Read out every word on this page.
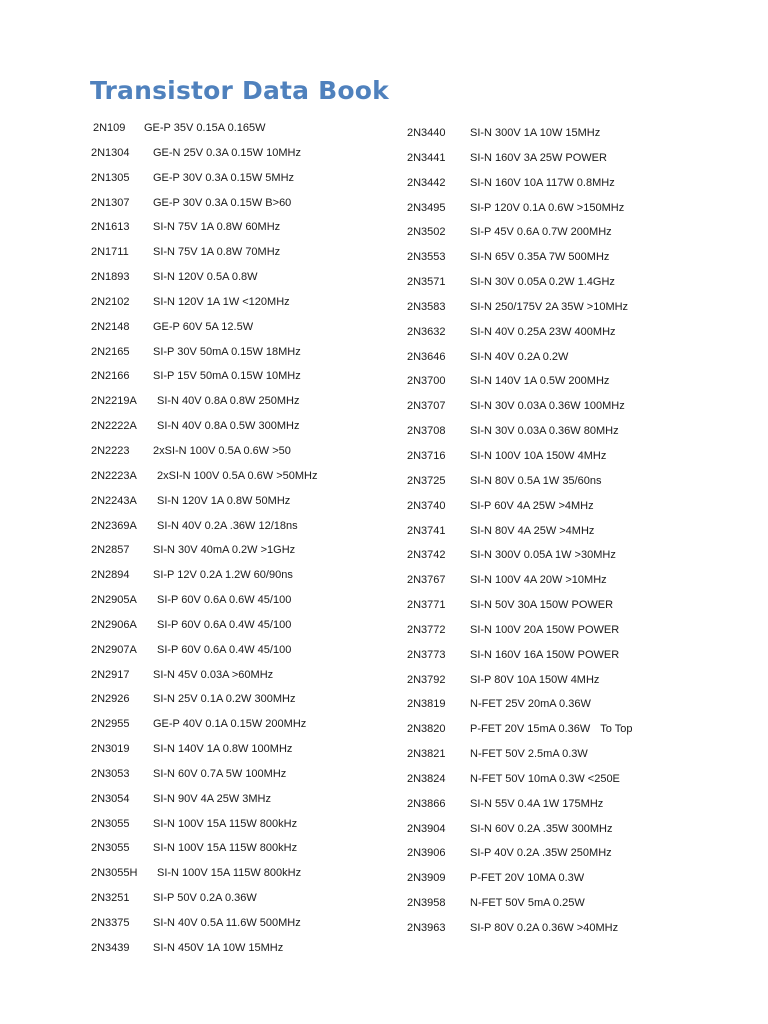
Transistor Data Book
2N109 GE-P 35V 0.15A 0.165W
2N1304 GE-N 25V 0.3A 0.15W 10MHz
2N1305 GE-P 30V 0.3A 0.15W 5MHz
2N1307 GE-P 30V 0.3A 0.15W B>60
2N1613 SI-N 75V 1A 0.8W 60MHz
2N1711 SI-N 75V 1A 0.8W 70MHz
2N1893 SI-N 120V 0.5A 0.8W
2N2102 SI-N 120V 1A 1W <120MHz
2N2148 GE-P 60V 5A 12.5W
2N2165 SI-P 30V 50mA 0.15W 18MHz
2N2166 SI-P 15V 50mA 0.15W 10MHz
2N2219A SI-N 40V 0.8A 0.8W 250MHz
2N2222A SI-N 40V 0.8A 0.5W 300MHz
2N2223 2xSI-N 100V 0.5A 0.6W >50
2N2223A 2xSI-N 100V 0.5A 0.6W >50MHz
2N2243A SI-N 120V 1A 0.8W 50MHz
2N2369A SI-N 40V 0.2A .36W 12/18ns
2N2857 SI-N 30V 40mA 0.2W >1GHz
2N2894 SI-P 12V 0.2A 1.2W 60/90ns
2N2905A SI-P 60V 0.6A 0.6W 45/100
2N2906A SI-P 60V 0.6A 0.4W 45/100
2N2907A SI-P 60V 0.6A 0.4W 45/100
2N2917 SI-N 45V 0.03A >60MHz
2N2926 SI-N 25V 0.1A 0.2W 300MHz
2N2955 GE-P 40V 0.1A 0.15W 200MHz
2N3019 SI-N 140V 1A 0.8W 100MHz
2N3053 SI-N 60V 0.7A 5W 100MHz
2N3054 SI-N 90V 4A 25W 3MHz
2N3055 SI-N 100V 15A 115W 800kHz
2N3055 SI-N 100V 15A 115W 800kHz
2N3055H SI-N 100V 15A 115W 800kHz
2N3251 SI-P 50V 0.2A 0.36W
2N3375 SI-N 40V 0.5A 11.6W 500MHz
2N3439 SI-N 450V 1A 10W 15MHz
2N3440 SI-N 300V 1A 10W 15MHz
2N3441 SI-N 160V 3A 25W POWER
2N3442 SI-N 160V 10A 117W 0.8MHz
2N3495 SI-P 120V 0.1A 0.6W >150MHz
2N3502 SI-P 45V 0.6A 0.7W 200MHz
2N3553 SI-N 65V 0.35A 7W 500MHz
2N3571 SI-N 30V 0.05A 0.2W 1.4GHz
2N3583 SI-N 250/175V 2A 35W >10MHz
2N3632 SI-N 40V 0.25A 23W 400MHz
2N3646 SI-N 40V 0.2A 0.2W
2N3700 SI-N 140V 1A 0.5W 200MHz
2N3707 SI-N 30V 0.03A 0.36W 100MHz
2N3708 SI-N 30V 0.03A 0.36W 80MHz
2N3716 SI-N 100V 10A 150W 4MHz
2N3725 SI-N 80V 0.5A 1W 35/60ns
2N3740 SI-P 60V 4A 25W >4MHz
2N3741 SI-N 80V 4A 25W >4MHz
2N3742 SI-N 300V 0.05A 1W >30MHz
2N3767 SI-N 100V 4A 20W >10MHz
2N3771 SI-N 50V 30A 150W POWER
2N3772 SI-N 100V 20A 150W POWER
2N3773 SI-N 160V 16A 150W POWER
2N3792 SI-P 80V 10A 150W 4MHz
2N3819 N-FET 25V 20mA 0.36W
2N3820 P-FET 20V 15mA 0.36W To Top
2N3821 N-FET 50V 2.5mA 0.3W
2N3824 N-FET 50V 10mA 0.3W <250E
2N3866 SI-N 55V 0.4A 1W 175MHz
2N3904 SI-N 60V 0.2A .35W 300MHz
2N3906 SI-P 40V 0.2A .35W 250MHz
2N3909 P-FET 20V 10MA 0.3W
2N3958 N-FET 50V 5mA 0.25W
2N3963 SI-P 80V 0.2A 0.36W >40MHz
